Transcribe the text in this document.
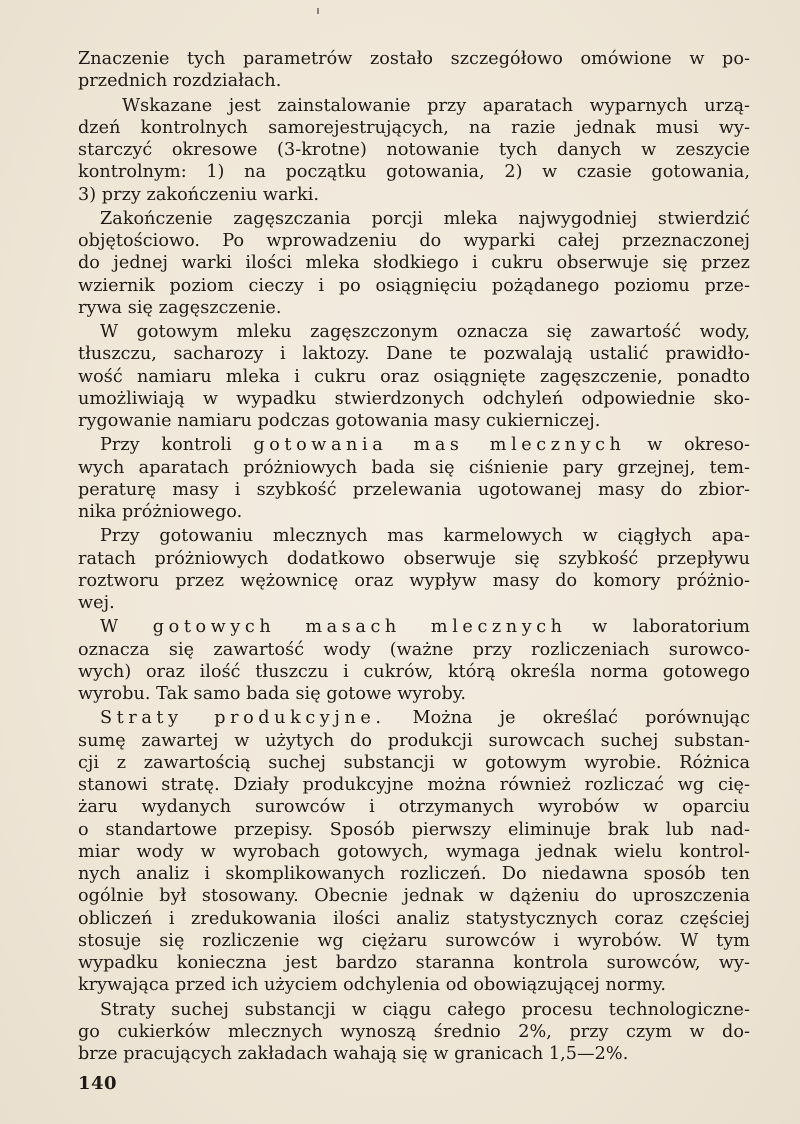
Znaczenie tych parametrów zostało szczegółowo omówione w po-
przednich rozdziałach.

Wskazane jest zainstalowanie przy aparatach wyparnych urzą-
dzeń kontrolnych samorejestrujących, na razie jednak musi wy-
starczyć okresowe (3-krotne) notowanie tych danych w zeszycie
kontrolnym: 1) na początku gotowania, 2) w czasie gotowania,
3) przy zakończeniu warki.

Zakończenie zagęszczania porcji mleka najwygodniej stwierdzić
objętościowo. Po wprowadzeniu do wyparki całej przeznaczonej
do jednej warki ilości mleka słodkiego i cukru obserwuje się przez
wziernik poziom cieczy i po osiągnięciu pożądanego poziomu prze-
rywa się zagęszczenie.

W gotowym mleku zagęszczonym oznacza się zawartość wody,
tłuszczu, sacharozy i laktozy. Dane te pozwalają ustalić prawidło-
wość namiaru mleka i cukru oraz osiągnięte zagęszczenie, ponadto
umożliwiają w wypadku stwierdzonych odchyleń odpowiednie sko-
rygowanie namiaru podczas gotowania masy cukierniczej.

Przy kontroli gotowania mas mlecznych w okreso-
wych aparatach próżniowych bada się ciśnienie pary grzejnej, tem-
peraturę masy i szybkość przelewania ugotowanej masy do zbior-
nika próżniowego.

Przy gotowaniu mlecznych mas karmelowych w ciągłych apa-
ratach próżniowych dodatkowo obserwuje się szybkość przepływu
roztworu przez wężownicę oraz wypływ masy do komory próżnio-
wej.

W gotowych masach mlecznych w laboratorium
oznacza się zawartość wody (ważne przy rozliczeniach surowco-
wych) oraz ilość tłuszczu i cukrów, którą określa norma gotowego
wyrobu. Tak samo bada się gotowe wyroby.

Straty produkcyjne. Można je określać porównując
sumę zawartej w użytych do produkcji surowcach suchej substan-
cji z zawartością suchej substancji w gotowym wyrobie. Różnica
stanowi stratę. Działy produkcyjne można również rozliczać wg cię-
żaru wydanych surowców i otrzymanych wyrobów w oparciu
o standartowe przepisy. Sposób pierwszy eliminuje brak lub nad-
miar wody w wyrobach gotowych, wymaga jednak wielu kontrol-
nych analiz i skomplikowanych rozliczeń. Do niedawna sposób ten
ogólnie był stosowany. Obecnie jednak w dążeniu do uproszczenia
obliczeń i zredukowania ilości analiz statystycznych coraz częściej
stosuje się rozliczenie wg ciężaru surowców i wyrobów. W tym
wypadku konieczna jest bardzo staranna kontrola surowców, wy-
krywająca przed ich użyciem odchylenia od obowiązującej normy.

Straty suchej substancji w ciągu całego procesu technologiczne-
go cukierków mlecznych wynoszą średnio 2%, przy czym w do-
brze pracujących zakładach wahają się w granicach 1,5—2%.

140
